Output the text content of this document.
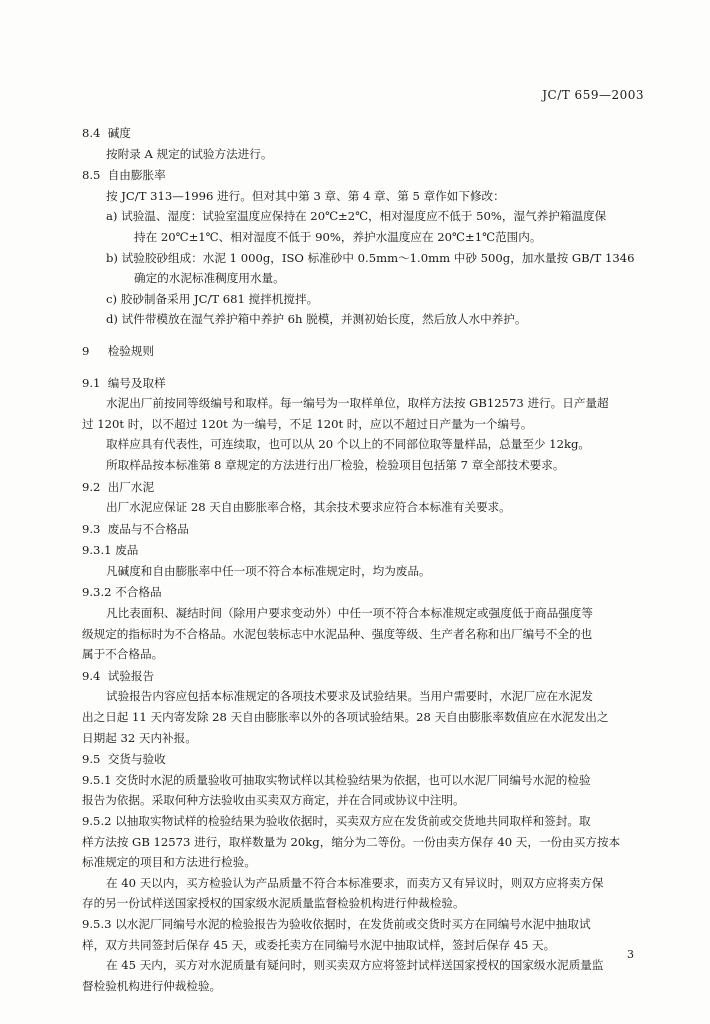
JC/T 659—2003
8.4 碱度
按附录 A 规定的试验方法进行。
8.5 自由膨胀率
按 JC/T 313—1996 进行。但对其中第 3 章、第 4 章、第 5 章作如下修改：
a) 试验温、湿度：试验室温度应保持在 20℃±2℃，相对湿度应不低于 50%，湿气养护箱温度保
持在 20℃±1℃、相对湿度不低于 90%，养护水温度应在 20℃±1℃范围内。
b) 试验胶砂组成：水泥 1 000g，ISO 标准砂中 0.5mm～1.0mm 中砂 500g，加水量按 GB/T 1346
确定的水泥标准稠度用水量。
c) 胶砂制备采用 JC/T 681 搅拌机搅拌。
d) 试件带模放在湿气养护箱中养护 6h 脱模，并测初始长度，然后放人水中养护。
9 检验规则
9.1 编号及取样
水泥出厂前按同等级编号和取样。每一编号为一取样单位，取样方法按 GB12573 进行。日产量超
过 120t 时，以不超过 120t 为一编号，不足 120t 时，应以不超过日产量为一个编号。
取样应具有代表性，可连续取，也可以从 20 个以上的不同部位取等量样品，总量至少 12kg。
所取样品按本标准第 8 章规定的方法进行出厂检验，检验项目包括第 7 章全部技术要求。
9.2 出厂水泥
出厂水泥应保证 28 天自由膨胀率合格，其余技术要求应符合本标准有关要求。
9.3 废品与不合格品
9.3.1 废品
凡碱度和自由膨胀率中任一项不符合本标准规定时，均为废品。
9.3.2 不合格品
凡比表面积、凝结时间（除用户要求变动外）中任一项不符合本标准规定或强度低于商品强度等
级规定的指标时为不合格品。水泥包装标志中水泥品种、强度等级、生产者名称和出厂编号不全的也
属于不合格品。
9.4 试验报告
试验报告内容应包括本标准规定的各项技术要求及试验结果。当用户需要时，水泥厂应在水泥发
出之日起 11 天内寄发除 28 天自由膨胀率以外的各项试验结果。28 天自由膨胀率数值应在水泥发出之
日期起 32 天内补报。
9.5 交货与验收
9.5.1 交货时水泥的质量验收可抽取实物试样以其检验结果为依据，也可以水泥厂同编号水泥的检验
报告为依据。采取何种方法验收由买卖双方商定，并在合同或协议中注明。
9.5.2 以抽取实物试样的检验结果为验收依据时，买卖双方应在发货前或交货地共同取样和签封。取
样方法按 GB 12573 进行，取样数量为 20kg，缩分为二等份。一份由卖方保存 40 天，一份由买方按本
标准规定的项目和方法进行检验。
在 40 天以内，买方检验认为产品质量不符合本标准要求，而卖方又有异议时，则双方应将卖方保
存的另一份试样送国家授权的国家级水泥质量监督检验机构进行仲裁检验。
9.5.3 以水泥厂同编号水泥的检验报告为验收依据时，在发货前或交货时买方在同编号水泥中抽取试
样，双方共同签封后保存 45 天，或委托卖方在同编号水泥中抽取试样，签封后保存 45 天。
在 45 天内，买方对水泥质量有疑问时，则买卖双方应将签封试样送国家授权的国家级水泥质量监
督检验机构进行仲裁检验。
3
